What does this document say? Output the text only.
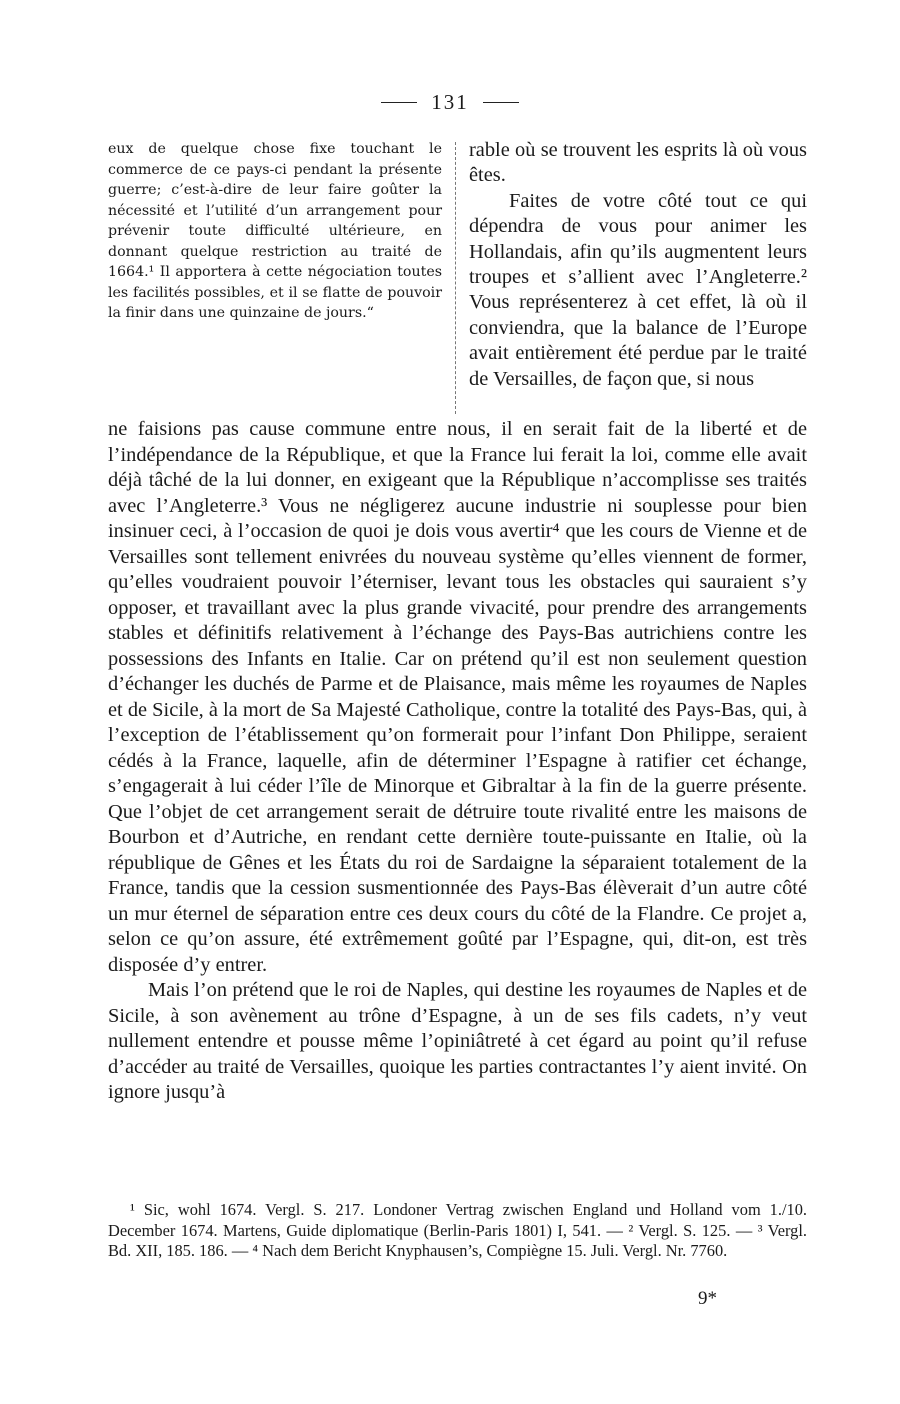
131

eux de quelque chose fixe touchant le commerce de ce pays-ci pendant la présente guerre; c’est-à-dire de leur faire goûter la nécessité et l’utilité d’un arrangement pour prévenir toute difficulté ultérieure, en donnant quelque restriction au traité de 1664.¹ Il apportera à cette négociation toutes les facilités possibles, et il se flatte de pouvoir la finir dans une quinzaine de jours.“

rable où se trouvent les esprits là où vous êtes.

Faites de votre côté tout ce qui dépendra de vous pour animer les Hollandais, afin qu’ils augmentent leurs troupes et s’allient avec l’Angleterre.² Vous représenterez à cet effet, là où il conviendra, que la balance de l’Europe avait entièrement été perdue par le traité de Versailles, de façon que, si nous

ne faisions pas cause commune entre nous, il en serait fait de la liberté et de l’indépendance de la République, et que la France lui ferait la loi, comme elle avait déjà tâché de la lui donner, en exigeant que la République n’accomplisse ses traités avec l’Angleterre.³ Vous ne négligerez aucune industrie ni souplesse pour bien insinuer ceci, à l’occasion de quoi je dois vous avertir⁴ que les cours de Vienne et de Versailles sont tellement enivrées du nouveau système qu’elles viennent de former, qu’elles voudraient pouvoir l’éterniser, levant tous les obstacles qui sauraient s’y opposer, et travaillant avec la plus grande vivacité, pour prendre des arrangements stables et définitifs relativement à l’échange des Pays-Bas autrichiens contre les possessions des Infants en Italie. Car on prétend qu’il est non seulement question d’échanger les duchés de Parme et de Plaisance, mais même les royaumes de Naples et de Sicile, à la mort de Sa Majesté Catholique, contre la totalité des Pays-Bas, qui, à l’exception de l’établissement qu’on formerait pour l’infant Don Philippe, seraient cédés à la France, laquelle, afin de déterminer l’Espagne à ratifier cet échange, s’engagerait à lui céder l’île de Minorque et Gibraltar à la fin de la guerre présente. Que l’objet de cet arrangement serait de détruire toute rivalité entre les maisons de Bourbon et d’Autriche, en rendant cette dernière toute-puissante en Italie, où la république de Gênes et les États du roi de Sardaigne la séparaient totalement de la France, tandis que la cession susmentionnée des Pays-Bas élèverait d’un autre côté un mur éternel de séparation entre ces deux cours du côté de la Flandre. Ce projet a, selon ce qu’on assure, été extrêmement goûté par l’Espagne, qui, dit-on, est très disposée d’y entrer.

Mais l’on prétend que le roi de Naples, qui destine les royaumes de Naples et de Sicile, à son avènement au trône d’Espagne, à un de ses fils cadets, n’y veut nullement entendre et pousse même l’opiniâtreté à cet égard au point qu’il refuse d’accéder au traité de Versailles, quoique les parties contractantes l’y aient invité. On ignore jusqu’à

¹ Sic, wohl 1674. Vergl. S. 217. Londoner Vertrag zwischen England und Holland vom 1./10. December 1674. Martens, Guide diplomatique (Berlin-Paris 1801) I, 541. — ² Vergl. S. 125. — ³ Vergl. Bd. XII, 185. 186. — ⁴ Nach dem Bericht Knyphausen’s, Compiègne 15. Juli. Vergl. Nr. 7760.

9*
